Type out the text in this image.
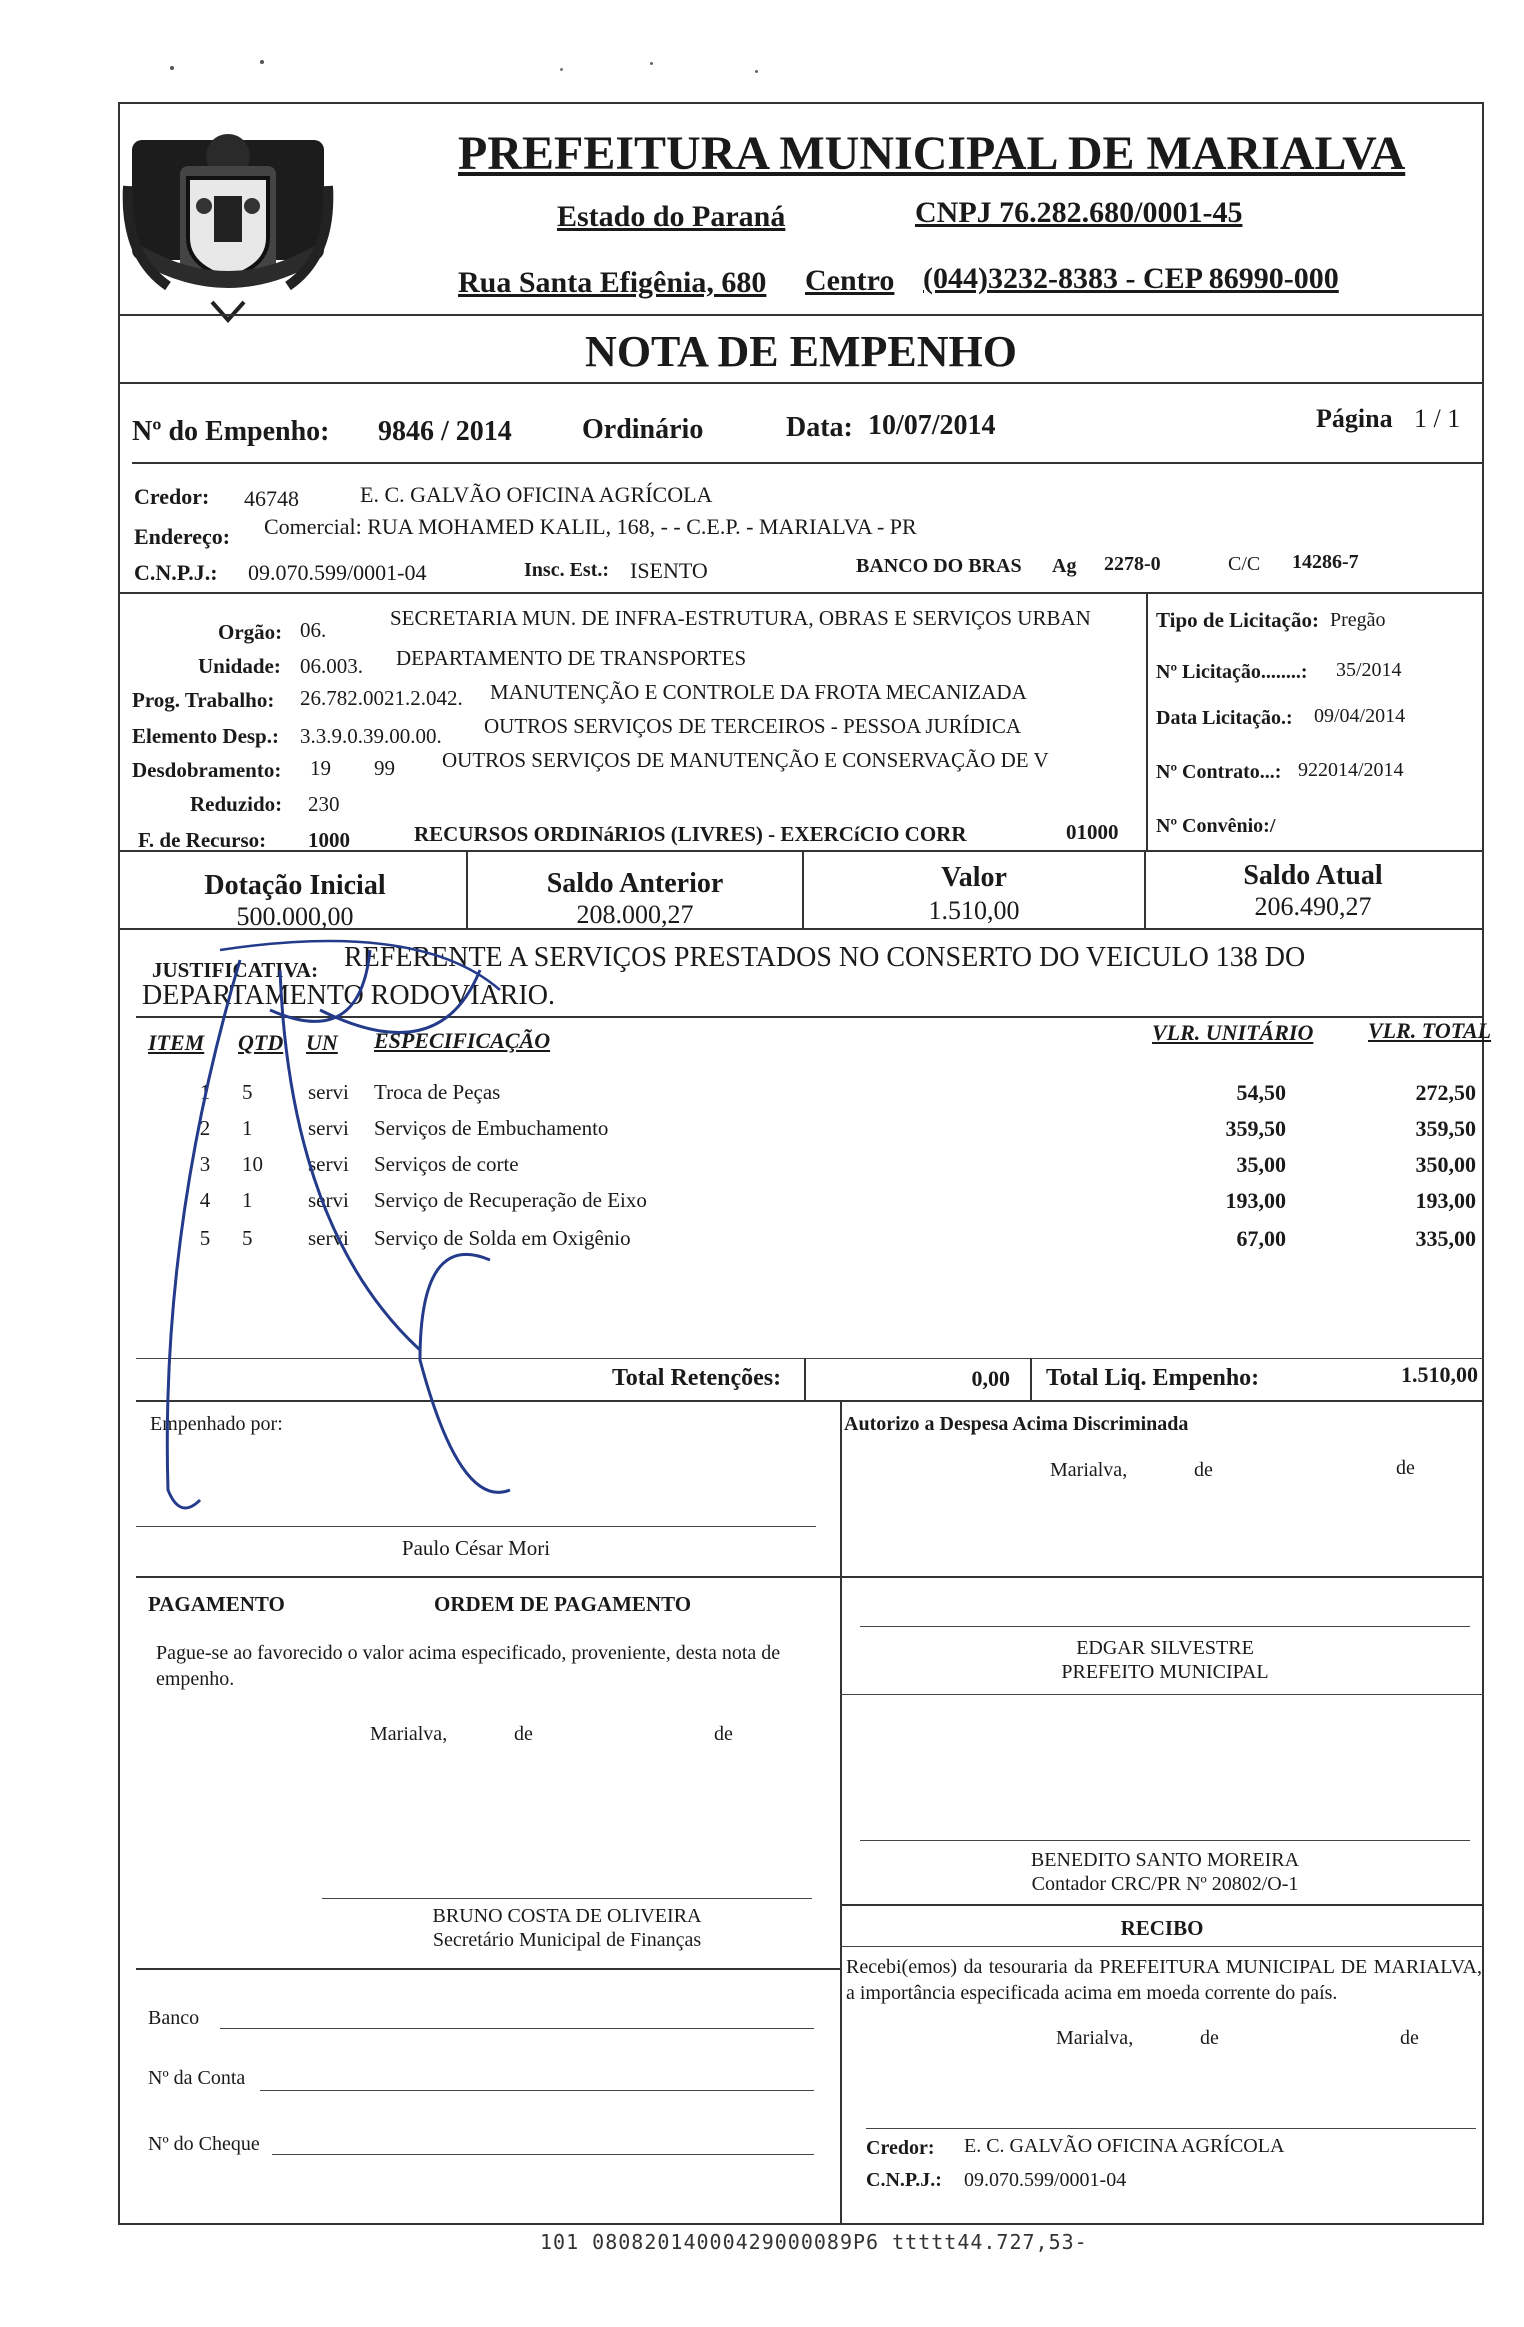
PREFEITURA MUNICIPAL DE MARIALVA
Estado do Paraná	CNPJ 76.282.680/0001-45
Rua Santa Efigênia, 680 Centro (044)3232-8383 - CEP 86990-000
NOTA DE EMPENHO
Nº do Empenho: 9846 / 2014	Ordinário	Data: 10/07/2014	Página 1 / 1
Credor: 46748	E. C. GALVÃO OFICINA AGRÍCOLA
Endereço: Comercial: RUA MOHAMED KALIL, 168, - - C.E.P. - MARIALVA - PR
C.N.P.J.: 09.070.599/0001-04	Insc. Est.: ISENTO	BANCO DO BRAS Ag 2278-0	C/C 14286-7
Orgão: 06.	SECRETARIA MUN. DE INFRA-ESTRUTURA, OBRAS E SERVIÇOS URBAN
Unidade: 06.003. DEPARTAMENTO DE TRANSPORTES
Prog. Trabalho: 26.782.0021.2.042. MANUTENÇÃO E CONTROLE DA FROTA MECANIZADA
Elemento Desp.: 3.3.9.0.39.00.00. OUTROS SERVIÇOS DE TERCEIROS - PESSOA JURÍDICA
Desdobramento: 19 99 OUTROS SERVIÇOS DE MANUTENÇÃO E CONSERVAÇÃO DE V
Reduzido: 230
F. de Recurso: 1000	RECURSOS ORDINáRIOS (LIVRES) - EXERCíCIO CORR	01000
Tipo de Licitação: Pregão
Nº Licitação........: 35/2014
Data Licitação.: 09/04/2014
Nº Contrato...: 922014/2014
Nº Convênio:/
Dotação Inicial
500.000,00
Saldo Anterior
208.000,27
Valor
1.510,00
Saldo Atual
206.490,27
JUSTIFICATIVA: REFERENTE A SERVIÇOS PRESTADOS NO CONSERTO DO VEICULO 138 DO
DEPARTAMENTO RODOVIARIO.
ITEM QTD UN ESPECIFICAÇÃO	VLR. UNITÁRIO VLR. TOTAL
1	5	servi	Troca de Peças	54,50	272,50
2	1	servi	Serviços de Embuchamento	359,50	359,50
3	10	servi	Serviços de corte	35,00	350,00
4	1	servi	Serviço de Recuperação de Eixo	193,00	193,00
5	5	servi	Serviço de Solda em Oxigênio	67,00	335,00
Total Retenções:	0,00 Total Liq. Empenho:	1.510,00
Empenhado por:
Paulo César Mori
Autorizo a Despesa Acima Discriminada
Marialva,	de	de
PAGAMENTO	ORDEM DE PAGAMENTO
Pague-se ao favorecido o valor acima especificado, proveniente, desta nota de empenho.
Marialva,	de	de
EDGAR SILVESTRE
PREFEITO MUNICIPAL
BENEDITO SANTO MOREIRA
Contador CRC/PR Nº 20802/O-1
BRUNO COSTA DE OLIVEIRA
Secretário Municipal de Finanças	RECIBO
Recebi(emos) da tesouraria da PREFEITURA MUNICIPAL DE MARIALVA, a importância especificada acima em moeda corrente do país.
Marialva,	de	de
Banco
Nº da Conta
Nº do Cheque	Credor: E. C. GALVÃO OFICINA AGRÍCOLA
C.N.P.J.: 09.070.599/0001-04
101 08082014000429000089P6 ttttt44.727,53-
